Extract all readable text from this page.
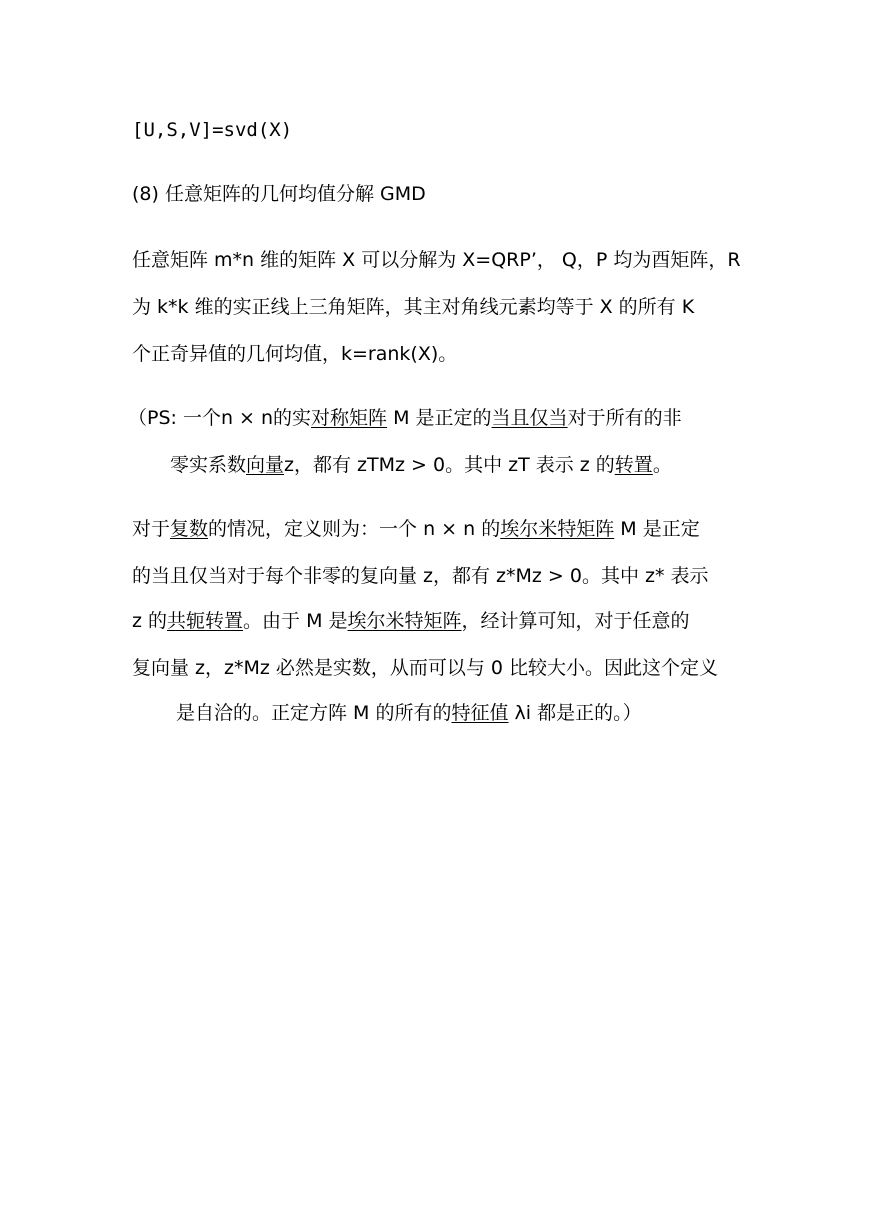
[U,S,V]=svd(X)
(8) 任意矩阵的几何均值分解 GMD
任意矩阵 m*n 维的矩阵 X 可以分解为 X=QRP’， Q，P 均为酉矩阵，R
为 k*k 维的实正线上三角矩阵，其主对角线元素均等于 X 的所有 K
个正奇异值的几何均值，k=rank(X)。
（PS: 一个n × n的实对称矩阵 M 是正定的当且仅当对于所有的非
零实系数向量z，都有 zTMz > 0。其中 zT 表示 z 的转置。
对于复数的情况，定义则为：一个 n × n 的埃尔米特矩阵 M 是正定
的当且仅当对于每个非零的复向量 z，都有 z*Mz > 0。其中 z* 表示
z 的共轭转置。由于 M 是埃尔米特矩阵，经计算可知，对于任意的
复向量 z，z*Mz 必然是实数，从而可以与 0 比较大小。因此这个定义
是自洽的。正定方阵 M 的所有的特征值 λi 都是正的。）
